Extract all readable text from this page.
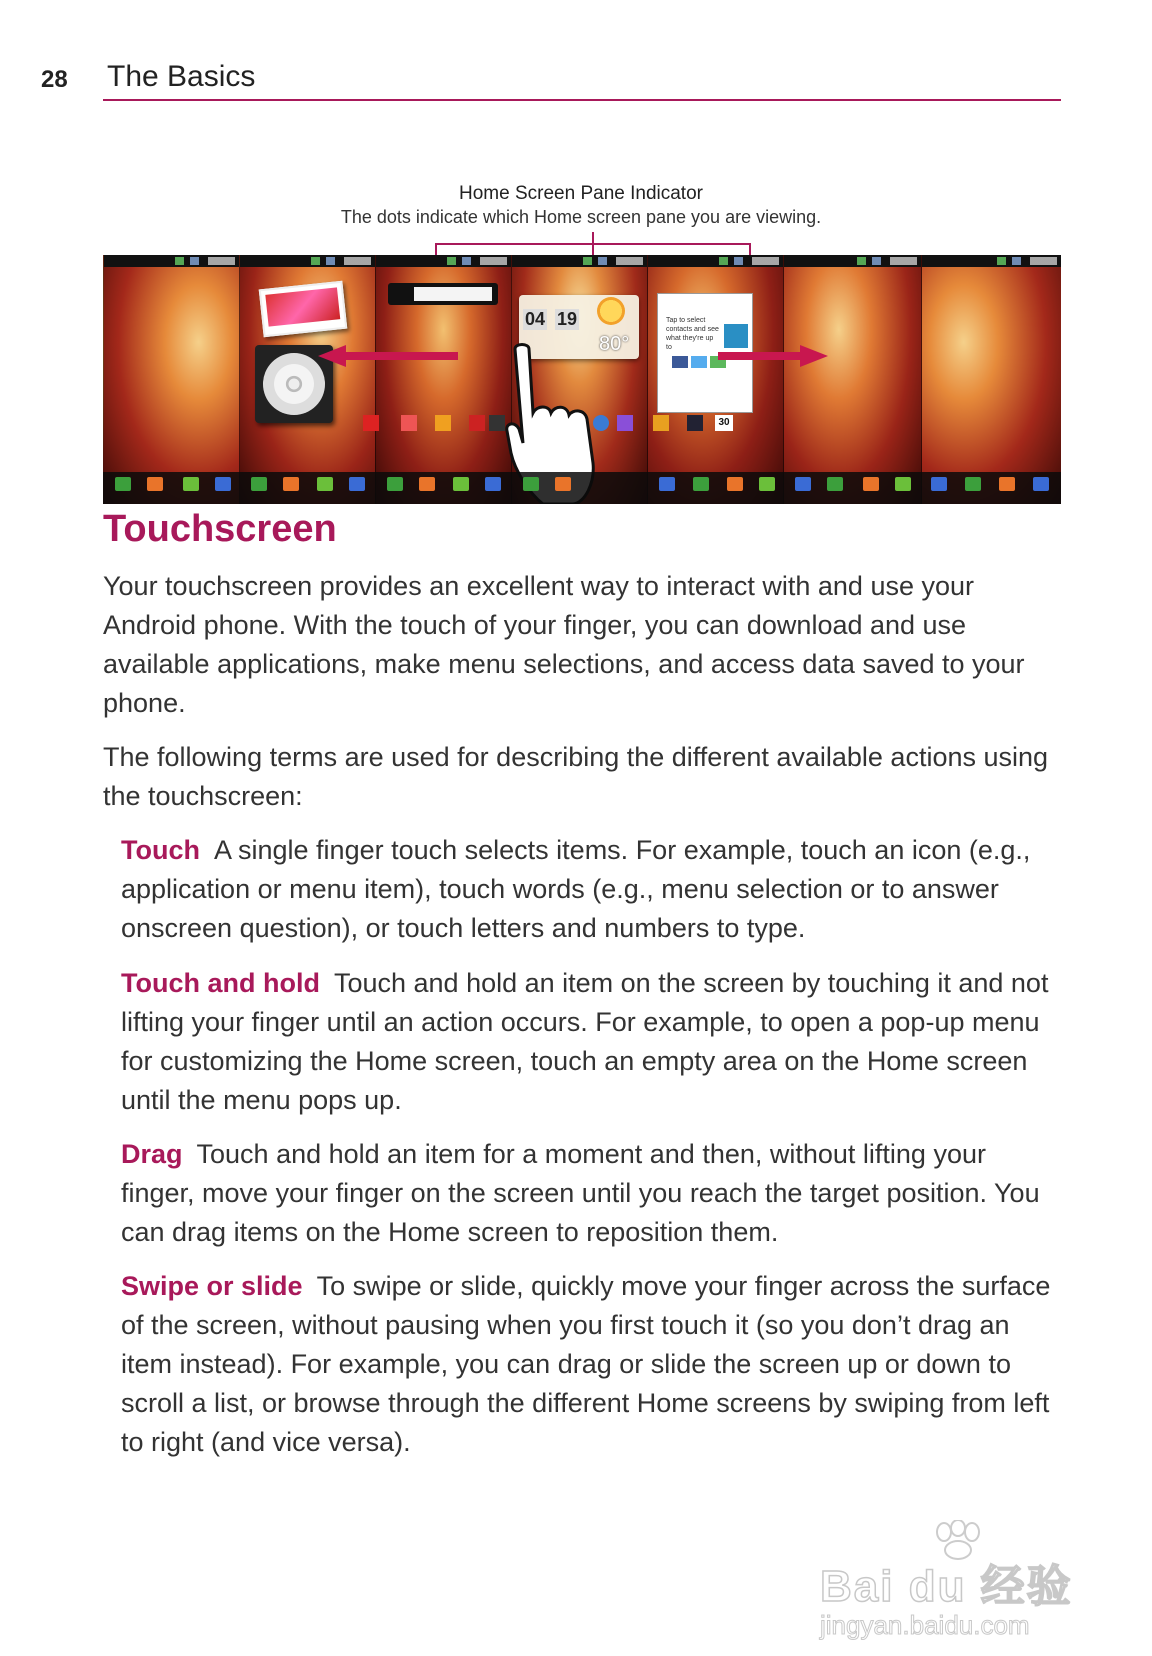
28 The Basics
Home Screen Pane Indicator
The dots indicate which Home screen pane you are viewing.
04 19
80°
Tap to select contacts and see what they're up to
30
Touchscreen

Your touchscreen provides an excellent way to interact with and use your Android phone. With the touch of your finger, you can download and use available applications, make menu selections, and access data saved to your phone.

The following terms are used for describing the different available actions using the touchscreen:

Touch A single finger touch selects items. For example, touch an icon (e.g., application or menu item), touch words (e.g., menu selection or to answer onscreen question), or touch letters and numbers to type.

Touch and hold Touch and hold an item on the screen by touching it and not lifting your finger until an action occurs. For example, to open a pop-up menu for customizing the Home screen, touch an empty area on the Home screen until the menu pops up.

Drag Touch and hold an item for a moment and then, without lifting your finger, move your finger on the screen until you reach the target position. You can drag items on the Home screen to reposition them.

Swipe or slide To swipe or slide, quickly move your finger across the surface of the screen, without pausing when you first touch it (so you don’t drag an item instead). For example, you can drag or slide the screen up or down to scroll a list, or browse through the different Home screens by swiping from left to right (and vice versa).

Bai du 经验
jingyan.baidu.com
